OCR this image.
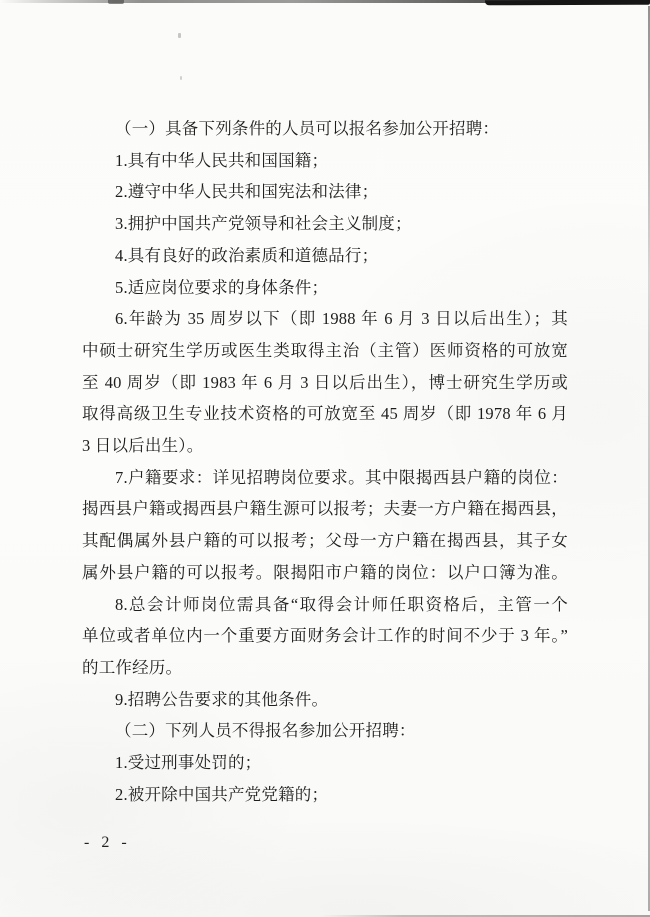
（一）具备下列条件的人员可以报名参加公开招聘：
1.具有中华人民共和国国籍；
2.遵守中华人民共和国宪法和法律；
3.拥护中国共产党领导和社会主义制度；
4.具有良好的政治素质和道德品行；
5.适应岗位要求的身体条件；
6.年龄为 35 周岁以下（即 1988 年 6 月 3 日以后出生）；其
中硕士研究生学历或医生类取得主治（主管）医师资格的可放宽
至 40 周岁（即 1983 年 6 月 3 日以后出生），博士研究生学历或
取得高级卫生专业技术资格的可放宽至 45 周岁（即 1978 年 6 月
3 日以后出生）。
7.户籍要求：详见招聘岗位要求。其中限揭西县户籍的岗位：
揭西县户籍或揭西县户籍生源可以报考；夫妻一方户籍在揭西县，
其配偶属外县户籍的可以报考；父母一方户籍在揭西县，其子女
属外县户籍的可以报考。限揭阳市户籍的岗位：以户口簿为准。
8.总会计师岗位需具备“取得会计师任职资格后，主管一个
单位或者单位内一个重要方面财务会计工作的时间不少于 3 年。”
的工作经历。
9.招聘公告要求的其他条件。
（二）下列人员不得报名参加公开招聘：
1.受过刑事处罚的；
2.被开除中国共产党党籍的；
- 2 -
